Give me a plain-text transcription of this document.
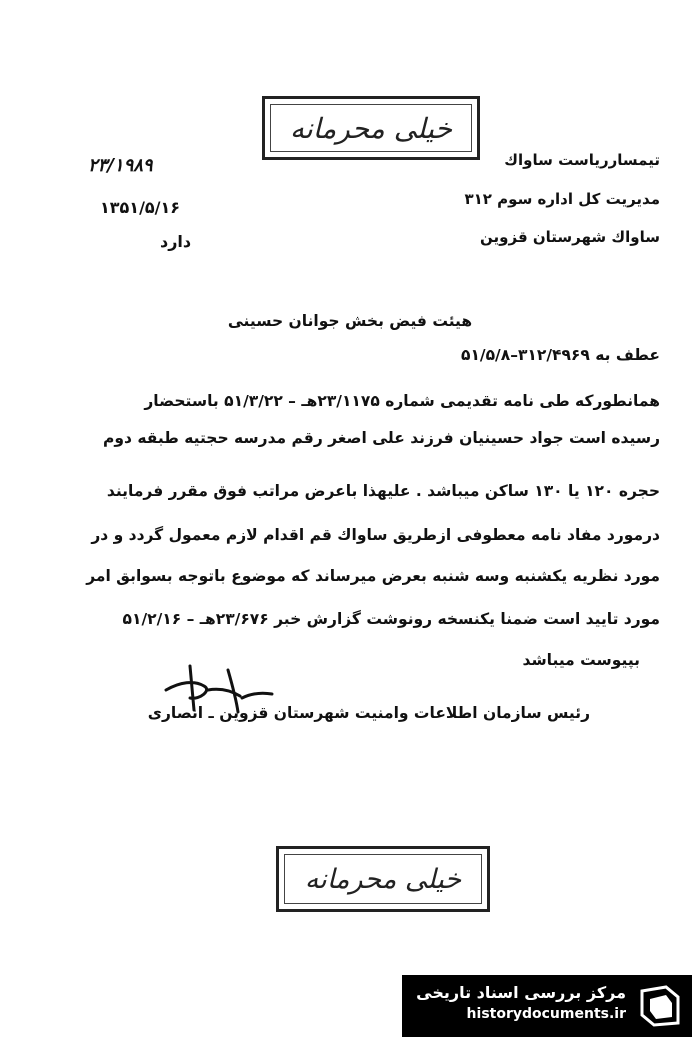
خیلی محرمانه
تیمسارریاست ساواك
مدیریت کل اداره سوم ۳۱۲
ساواك شهرستان قزوین
۲۳/۱۹۸۹
۱۳۵۱/۵/۱۶
دارد
هیئت فیض بخش جوانان حسینی
عطف به ۳۱۲/۴۹۶۹–۵۱/۵/۸
همانطورکه طی نامه تقدیمی شماره ۲۳/۱۱۷۵هـ – ۵۱/۳/۲۲ باستحضار
رسیده است جواد حسینیان فرزند علی اصغر رقم مدرسه حجتیه طبقه دوم
حجره ۱۲۰ یا ۱۳۰ ساکن میباشد . علیهذا باعرض مراتب فوق مقرر فرمایند
درمورد مفاد نامه معطوفی ازطریق ساواك قم اقدام لازم معمول گردد و در
مورد نظریه یکشنبه وسه شنبه بعرض میرساند که موضوع باتوجه بسوابق امر
مورد تایید است ضمنا یکنسخه رونوشت گزارش خبر ۲۳/۶۷۶هـ – ۵۱/۲/۱۶
بپیوست میباشد
رئیس سازمان اطلاعات وامنیت شهرستان قزوین ـ انصاری
خیلی محرمانه
مرکز بررسی اسناد تاریخی
historydocuments.ir
